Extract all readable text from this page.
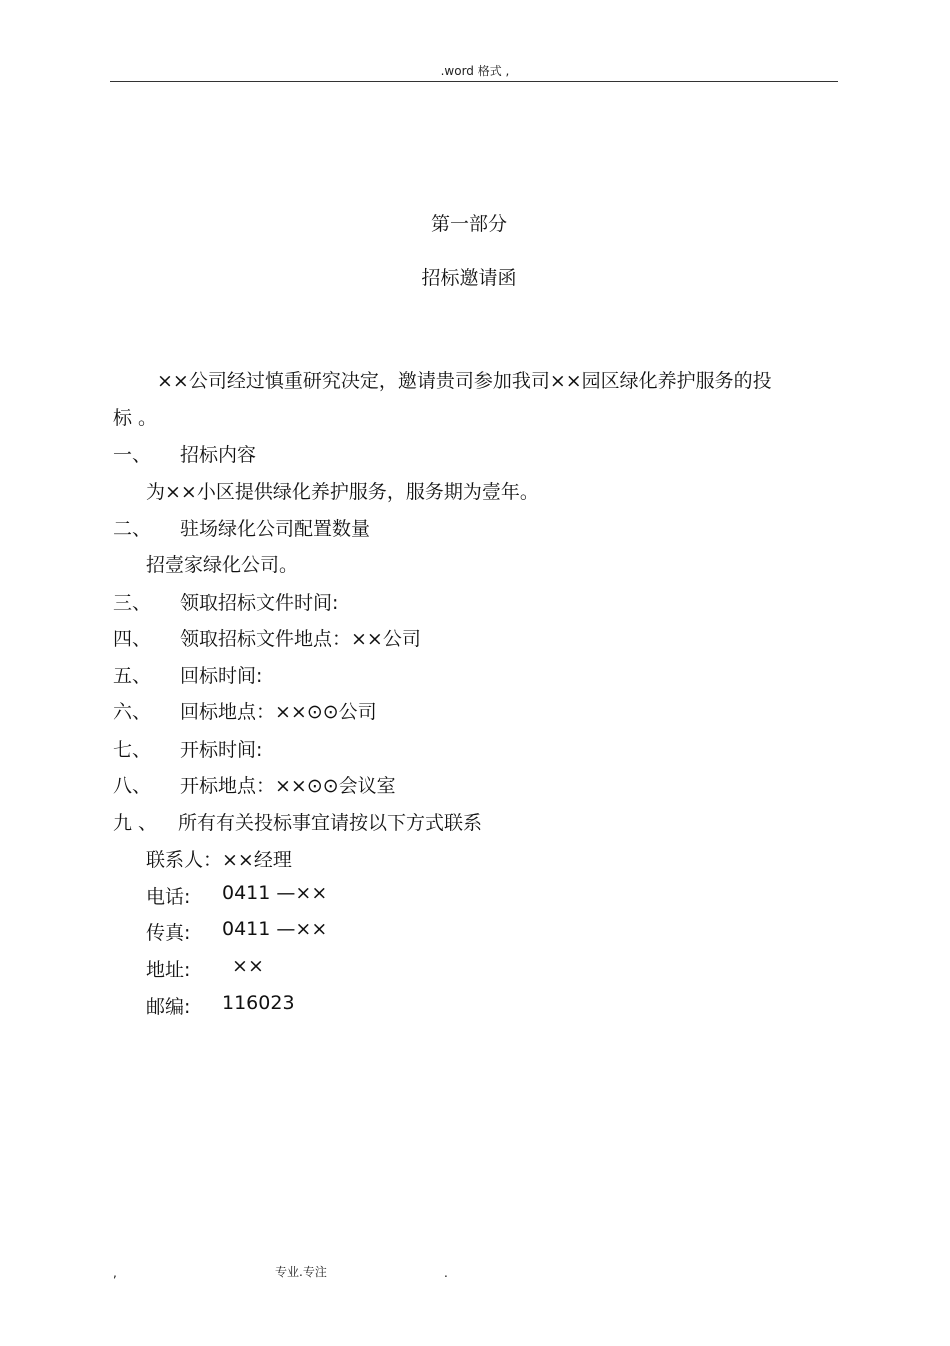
.word 格式 ,
第一部分
招标邀请函
××公司经过慎重研究决定，邀请贵司参加我司××园区绿化养护服务的投
标 。
一、 招标内容
为××小区提供绿化养护服务，服务期为壹年。
二、 驻场绿化公司配置数量
招壹家绿化公司。
三、 领取招标文件时间:
四、 领取招标文件地点：××公司
五、 回标时间:
六、 回标地点：××⊙⊙公司
七、 开标时间:
八、 开标地点：××⊙⊙会议室
九 、 所有有关投标事宜请按以下方式联系
联系人：××经理
电话: 0411 —××
传真: 0411 —××
地址: ××
邮编: 116023
,	专业.专注	.
